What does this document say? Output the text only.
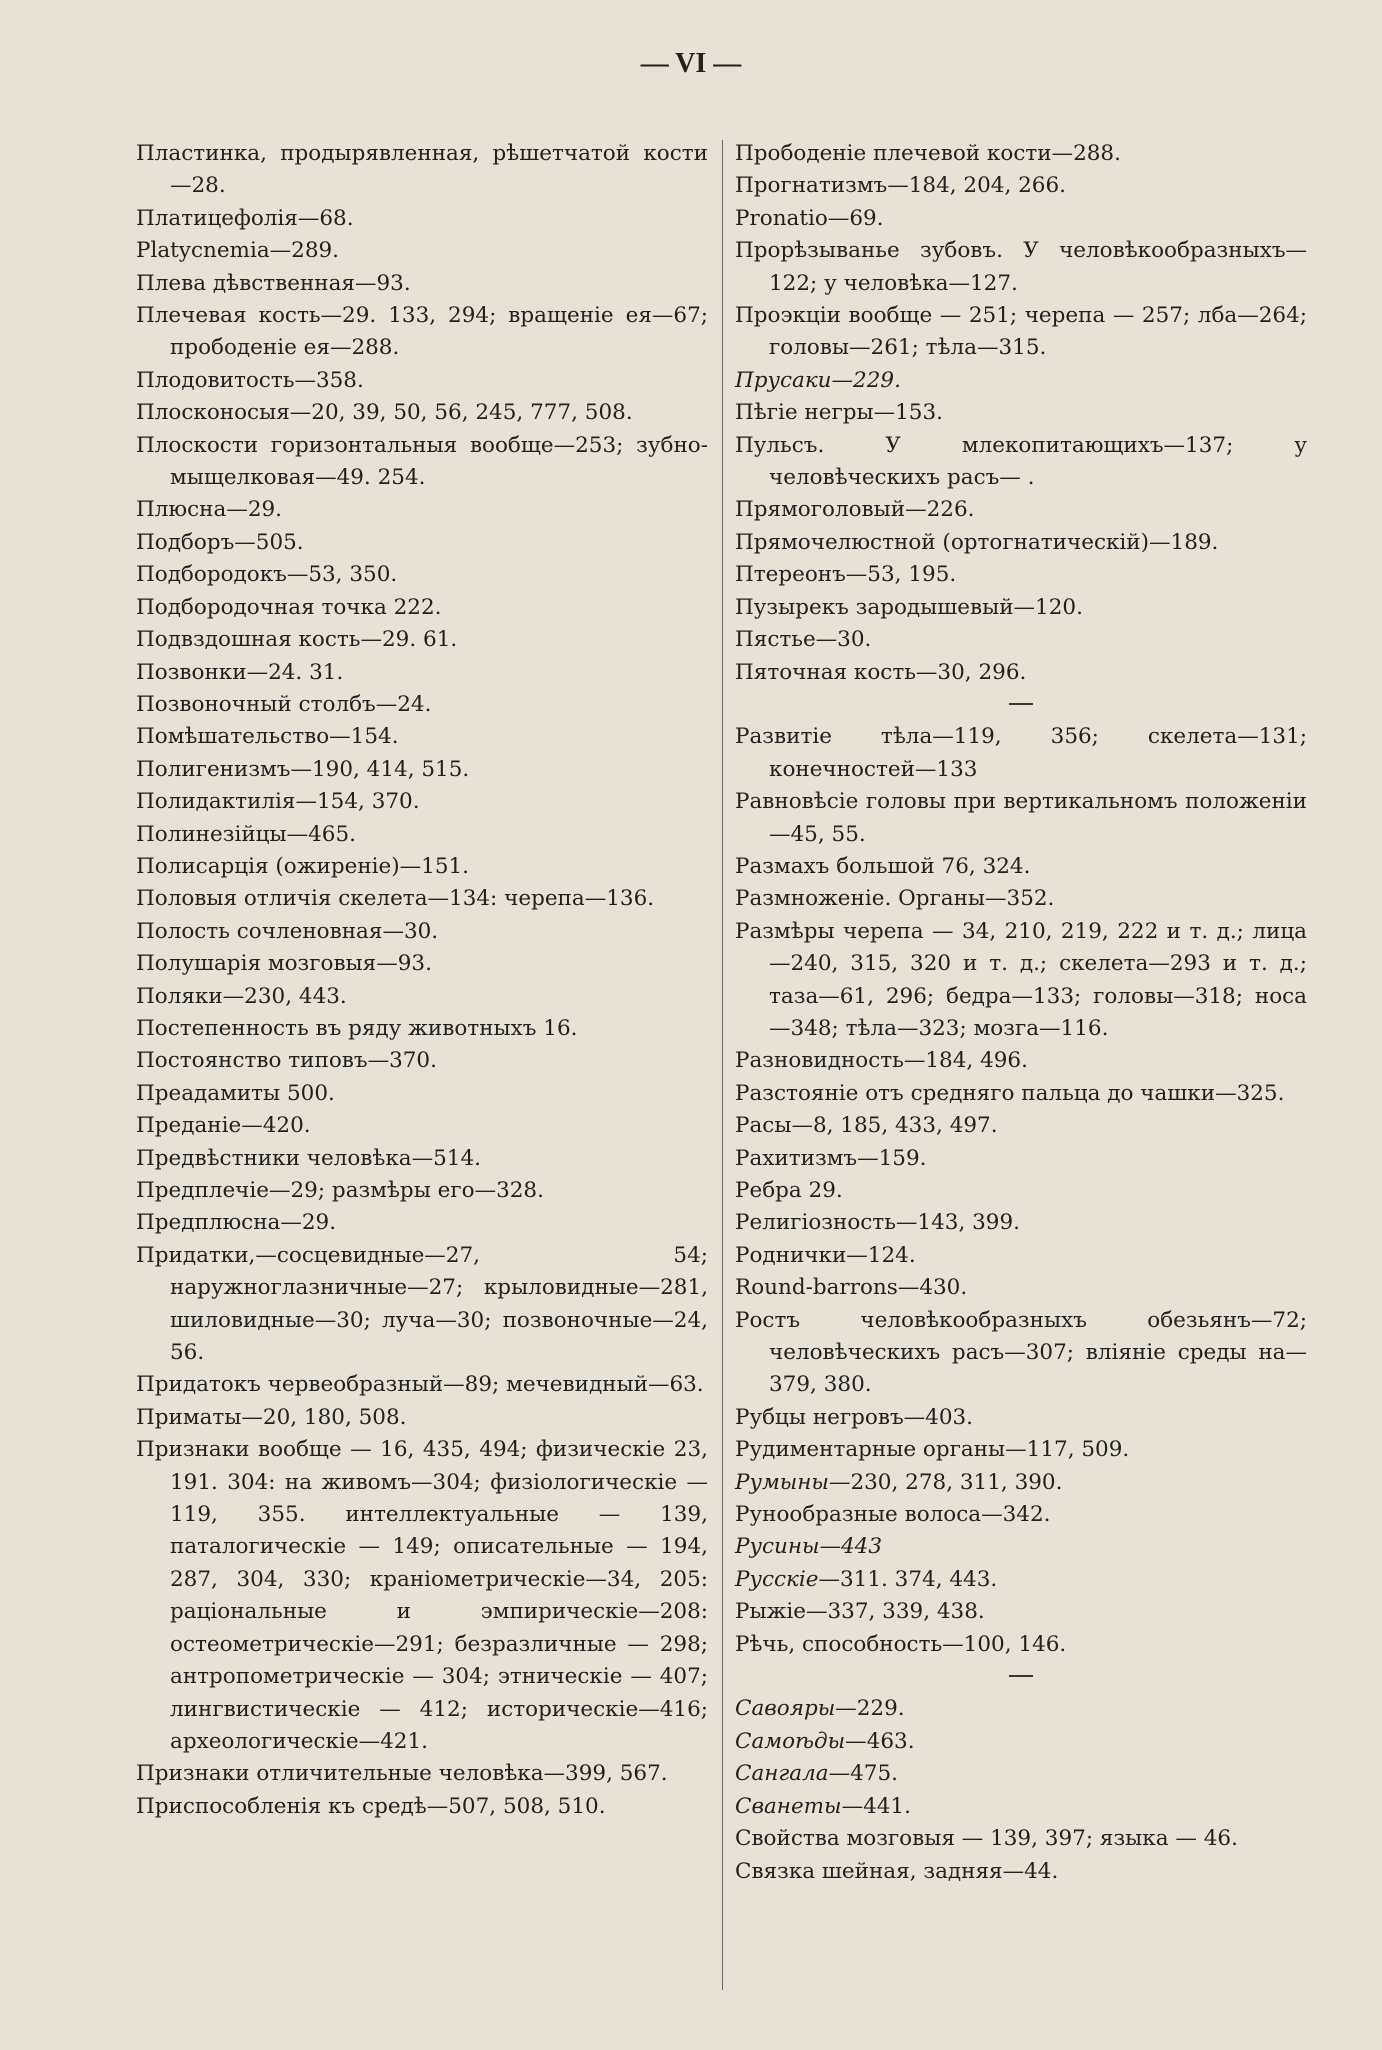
— VI —

Пластинка, продырявленная, рѣшетчатой кости—28.

Платицефолія—68.

Platycnemia—289.

Плева дѣвственная—93.

Плечевая кость—29. 133, 294; вращеніе ея—67; прободеніе ея—288.

Плодовитость—358.

Плосконосыя—20, 39, 50, 56, 245, 777, 508.

Плоскости горизонтальныя вообще—253; зубно-мыщелковая—49. 254.

Плюсна—29.

Подборъ—505.

Подбородокъ—53, 350.

Подбородочная точка 222.

Подвздошная кость—29. 61.

Позвонки—24. 31.

Позвоночный столбъ—24.

Помѣшательство—154.

Полигенизмъ—190, 414, 515.

Полидактилія—154, 370.

Полинезійцы—465.

Полисарція (ожиреніе)—151.

Половыя отличія скелета—134: черепа—136.

Полость сочленовная—30.

Полушарія мозговыя—93.

Поляки—230, 443.

Постепенность въ ряду животныхъ 16.

Постоянство типовъ—370.

Преадамиты 500.

Преданіе—420.

Предвѣстники человѣка—514.

Предплечіе—29; размѣры его—328.

Предплюсна—29.

Придатки,—сосцевидные—27, 54; наружноглазничные—27; крыловидные—281, шиловидные—30; луча—30; позвоночные—24, 56.

Придатокъ червеобразный—89; мечевидный—63.

Приматы—20, 180, 508.

Признаки вообще — 16, 435, 494; физическіе 23, 191. 304: на живомъ—304; физіологическіе — 119, 355. интеллектуальные — 139, паталогическіе — 149; описательные — 194, 287, 304, 330; краніометрическіе—34, 205: раціональные и эмпирическіе—208: остеометрическіе—291; безразличные — 298; антропометрическіе — 304; этническіе — 407; лингвистическіе — 412; историческіе—416; археологическіе—421.

Признаки отличительные человѣка—399, 567.

Приспособленія къ средѣ—507, 508, 510.

Прободеніе плечевой кости—288.

Прогнатизмъ—184, 204, 266.

Pronatio—69.

Прорѣзыванье зубовъ. У человѣкообразныхъ—122; у человѣка—127.

Проэкціи вообще — 251; черепа — 257; лба—264; головы—261; тѣла—315.

Прусаки—229.

Пѣгіе негры—153.

Пульсъ. У млекопитающихъ—137; у человѣческихъ расъ— .

Прямоголовый—226.

Прямочелюстной (ортогнатическій)—189.

Птереонъ—53, 195.

Пузырекъ зародышевый—120.

Пястье—30.

Пяточная кость—30, 296.

Развитіе тѣла—119, 356; скелета—131; конечностей—133

Равновѣсіе головы при вертикальномъ положеніи—45, 55.

Размахъ большой 76, 324.

Размноженіе. Органы—352.

Размѣры черепа — 34, 210, 219, 222 и т. д.; лица—240, 315, 320 и т. д.; скелета—293 и т. д.; таза—61, 296; бедра—133; головы—318; носа—348; тѣла—323; мозга—116.

Разновидность—184, 496.

Разстояніе отъ средняго пальца до чашки—325.

Расы—8, 185, 433, 497.

Рахитизмъ—159.

Ребра 29.

Религіозность—143, 399.

Роднички—124.

Round-barrons—430.

Ростъ человѣкообразныхъ обезьянъ—72; человѣческихъ расъ—307; вліяніе среды на—379, 380.

Рубцы негровъ—403.

Рудиментарные органы—117, 509.

Румыны—230, 278, 311, 390.

Рунообразные волоса—342.

Русины—443

Русскіе—311. 374, 443.

Рыжіе—337, 339, 438.

Рѣчь, способность—100, 146.

Савояры—229.

Самоѣды—463.

Сангала—475.

Сванеты—441.

Свойства мозговыя — 139, 397; языка — 46.

Связка шейная, задняя—44.
